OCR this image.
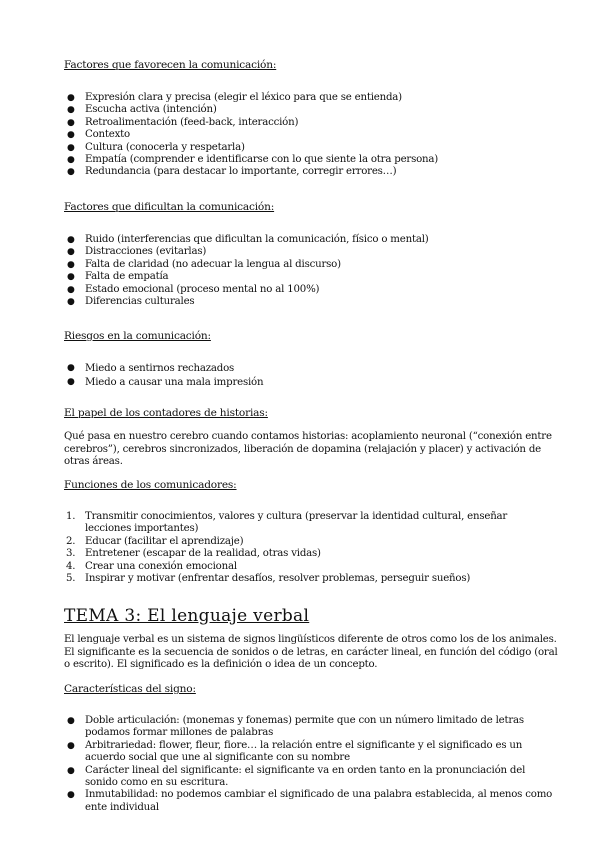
Factores que favorecen la comunicación:
● Expresión clara y precisa (elegir el léxico para que se entienda)
● Escucha activa (intención)
● Retroalimentación (feed-back, interacción)
● Contexto
● Cultura (conocerla y respetarla)
● Empatía (comprender e identificarse con lo que siente la otra persona)
● Redundancia (para destacar lo importante, corregir errores…)
Factores que dificultan la comunicación:
● Ruido (interferencias que dificultan la comunicación, físico o mental)
● Distracciones (evitarlas)
● Falta de claridad (no adecuar la lengua al discurso)
● Falta de empatía
● Estado emocional (proceso mental no al 100%)
● Diferencias culturales
Riesgos en la comunicación:
● Miedo a sentirnos rechazados
● Miedo a causar una mala impresión
El papel de los contadores de historias:

Qué pasa en nuestro cerebro cuando contamos historias: acoplamiento neuronal (“conexión entre cerebros”), cerebros sincronizados, liberación de dopamina (relajación y placer) y activación de otras áreas.

Funciones de los comunicadores:
1. Transmitir conocimientos, valores y cultura (preservar la identidad cultural, enseñar lecciones importantes)
2. Educar (facilitar el aprendizaje)
3. Entretener (escapar de la realidad, otras vidas)
4. Crear una conexión emocional
5. Inspirar y motivar (enfrentar desafíos, resolver problemas, perseguir sueños)
TEMA 3: El lenguaje verbal

El lenguaje verbal es un sistema de signos lingüísticos diferente de otros como los de los animales. El significante es la secuencia de sonidos o de letras, en carácter lineal, en función del código (oral o escrito). El significado es la definición o idea de un concepto.

Características del signo:
● Doble articulación: (monemas y fonemas) permite que con un número limitado de letras podamos formar millones de palabras
● Arbitrariedad: flower, fleur, fiore… la relación entre el significante y el significado es un acuerdo social que une al significante con su nombre
● Carácter lineal del significante: el significante va en orden tanto en la pronunciación del sonido como en su escritura.
● Inmutabilidad: no podemos cambiar el significado de una palabra establecida, al menos como ente individual
